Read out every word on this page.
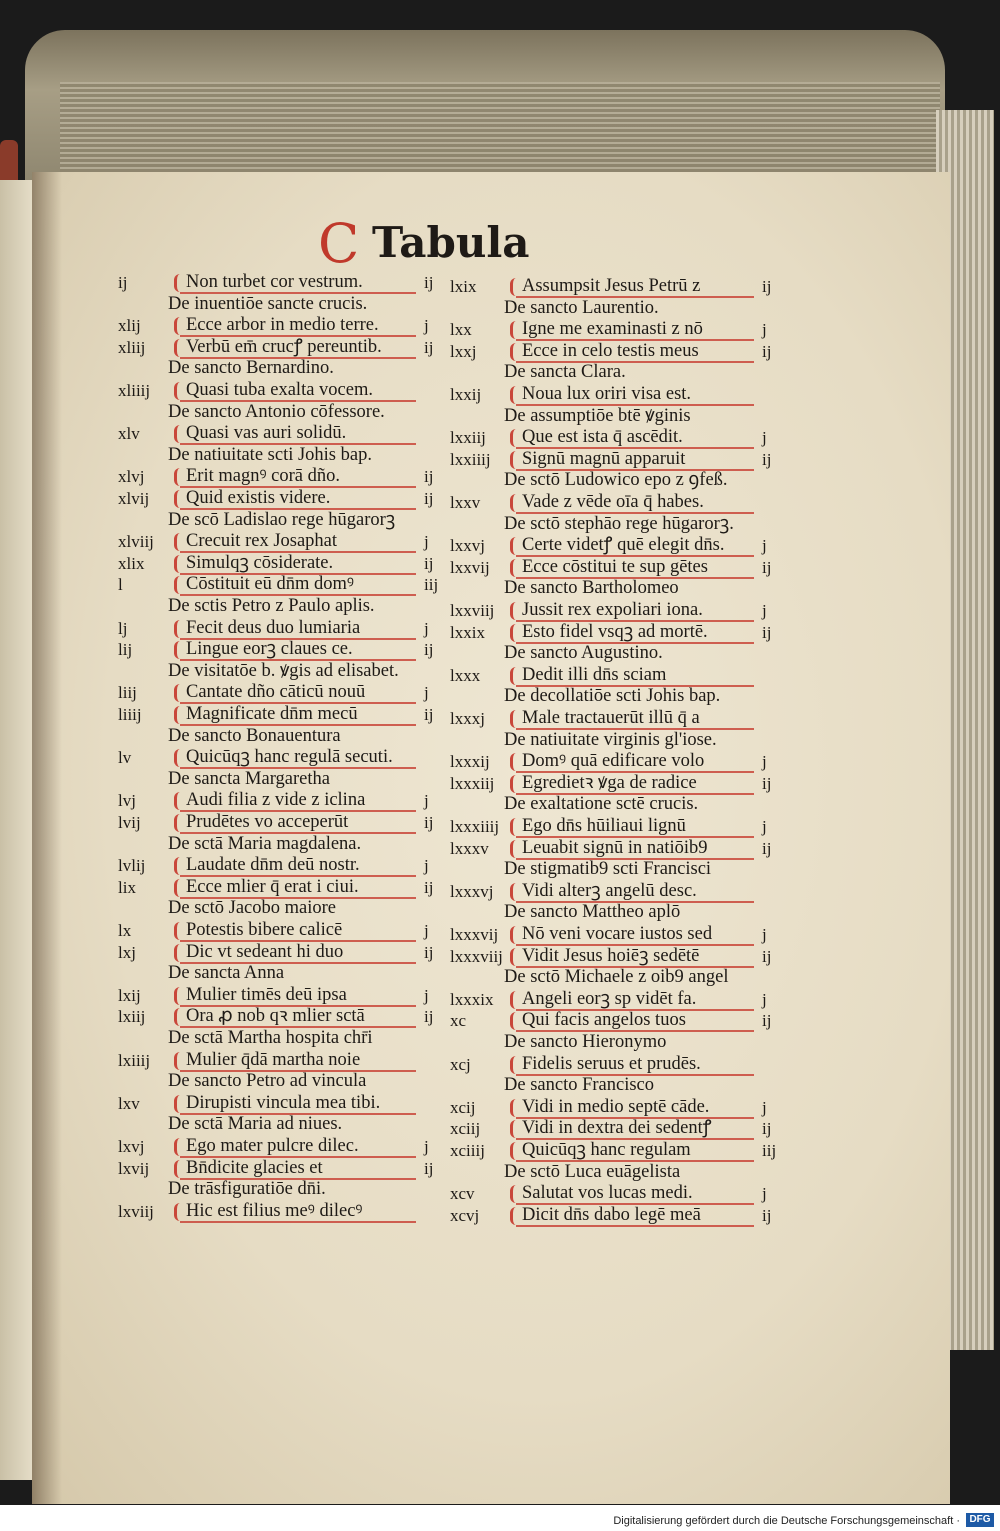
C Tabula
ij	Non turbet cor vestrum.	ij
De inuentiōe sancte crucis.
xlij Ecce arbor in medio terre.	j
xliij Verbū em̄ crucꝭ pereuntib. ij
De sancto Bernardino.
xliiij Quasi tuba exalta vocem.
De sancto Antonio cōfessore.
xlv	Quasi vas auri solidū.
De natiuitate scti Johis bap.
xlvj Erit magnꝰ corā dño.	ij
xlvij Quid existis videre.	ij
De scō Ladislao rege hūgarorꝫ
xlviij Crecuit rex Josaphat	j
xlix Simulqꝫ cōsiderate.	ij
l	Cōstituit eū dn̄m domꝰ	iij
De sctis Petro z Paulo aplis.
lj	Fecit deus duo lumiaria	j
lij	Lingue eorꝫ claues ce.	ij
De visitatōe b. ꝟgis ad elisabet.
liij	Cantate dño cāticū nouū	j
liiij Magnificate dn̄m mecū	ij
De sancto Bonauentura
lv	Quicūqꝫ hanc regulā secuti.
De sancta Margaretha
lvj	Audi filia z vide z iclina	j
lvij Prudētes vo acceperūt	ij
De sctā Maria magdalena.
lvlij Laudate dn̄m deū nostr.	j
lix	Ecce mlier q̄ erat i ciui.	ij
De sctō Jacobo maiore
lx	Potestis bibere calicē	j
lxj	Dic vt sedeant hi duo	ij
De sancta Anna
lxij Mulier timēs deū ipsa	j
lxiij Ora ꝓ nob qꝛ mlier sctā	ij
De sctā Martha hospita chr̄i
lxiiij Mulier q̄dā martha noie
De sancto Petro ad vincula
lxv	Dirupisti vincula mea tibi.
De sctā Maria ad niues.
lxvj Ego mater pulcre dilec.	j
lxvij Bn̄dicite glacies et	ij
De trāsfiguratiōe dn̄i.
lxviij Hic est filius meꝰ dilecꝰ
lxix Assumpsit Jesus Petrū z	ij
De sancto Laurentio.
lxx	Igne me examinasti z nō	j
lxxj Ecce in celo testis meus	ij
De sancta Clara.
lxxij Noua lux oriri visa est.
De assumptiōe btē ꝟginis
lxxiij Que est ista q̄ ascēdit.	j
lxxiiij Signū magnū apparuit	ij
De sctō Ludowico epo z ꝯfeß.
lxxv Vade z vēde oīa q̄ habes.
De sctō stephāo rege hūgarorꝫ.
lxxvj Certe videtꝭ quē elegit dn̄s. j
lxxvij Ecce cōstitui te sup gētes	ij
De sancto Bartholomeo
lxxviij Jussit rex expoliari iona.	j
lxxix Esto fidel vsqꝫ ad mortē.	ij
De sancto Augustino.
lxxx Dedit illi dn̄s sciam
De decollatiōe scti Johis bap.
lxxxj Male tractauerūt illū q̄ a
De natiuitate virginis gl'iose.
lxxxij Domꝰ quā edificare volo	j
lxxxiij Egredietꝛ ꝟga de radice	ij
De exaltatione sctē crucis.
lxxxiiij Ego dn̄s hūiliaui lignū	j
lxxxv Leuabit signū in natiōib9	ij
De stigmatib9 scti Francisci
lxxxvj Vidi alterꝫ angelū desc.
De sancto Mattheo aplō
lxxxvij Nō veni vocare iustos sed	j
lxxxviij Vidit Jesus hoiēꝫ sedētē	ij
De sctō Michaele z oib9 angel
lxxxix Angeli eorꝫ sp vidēt fa.	j
xc	Qui facis angelos tuos	ij
De sancto Hieronymo
xcj	Fidelis seruus et prudēs.
De sancto Francisco
xcij	Vidi in medio septē cāde.	j
xciij Vidi in dextra dei sedentꝭ	ij
xciiij Quicūqꝫ hanc regulam	iij
De sctō Luca euāgelista
xcv	Salutat vos lucas medi.	j
xcvj Dicit dn̄s dabo legē meā	ij
Digitalisierung gefördert durch die Deutsche Forschungsgemeinschaft · DFG
